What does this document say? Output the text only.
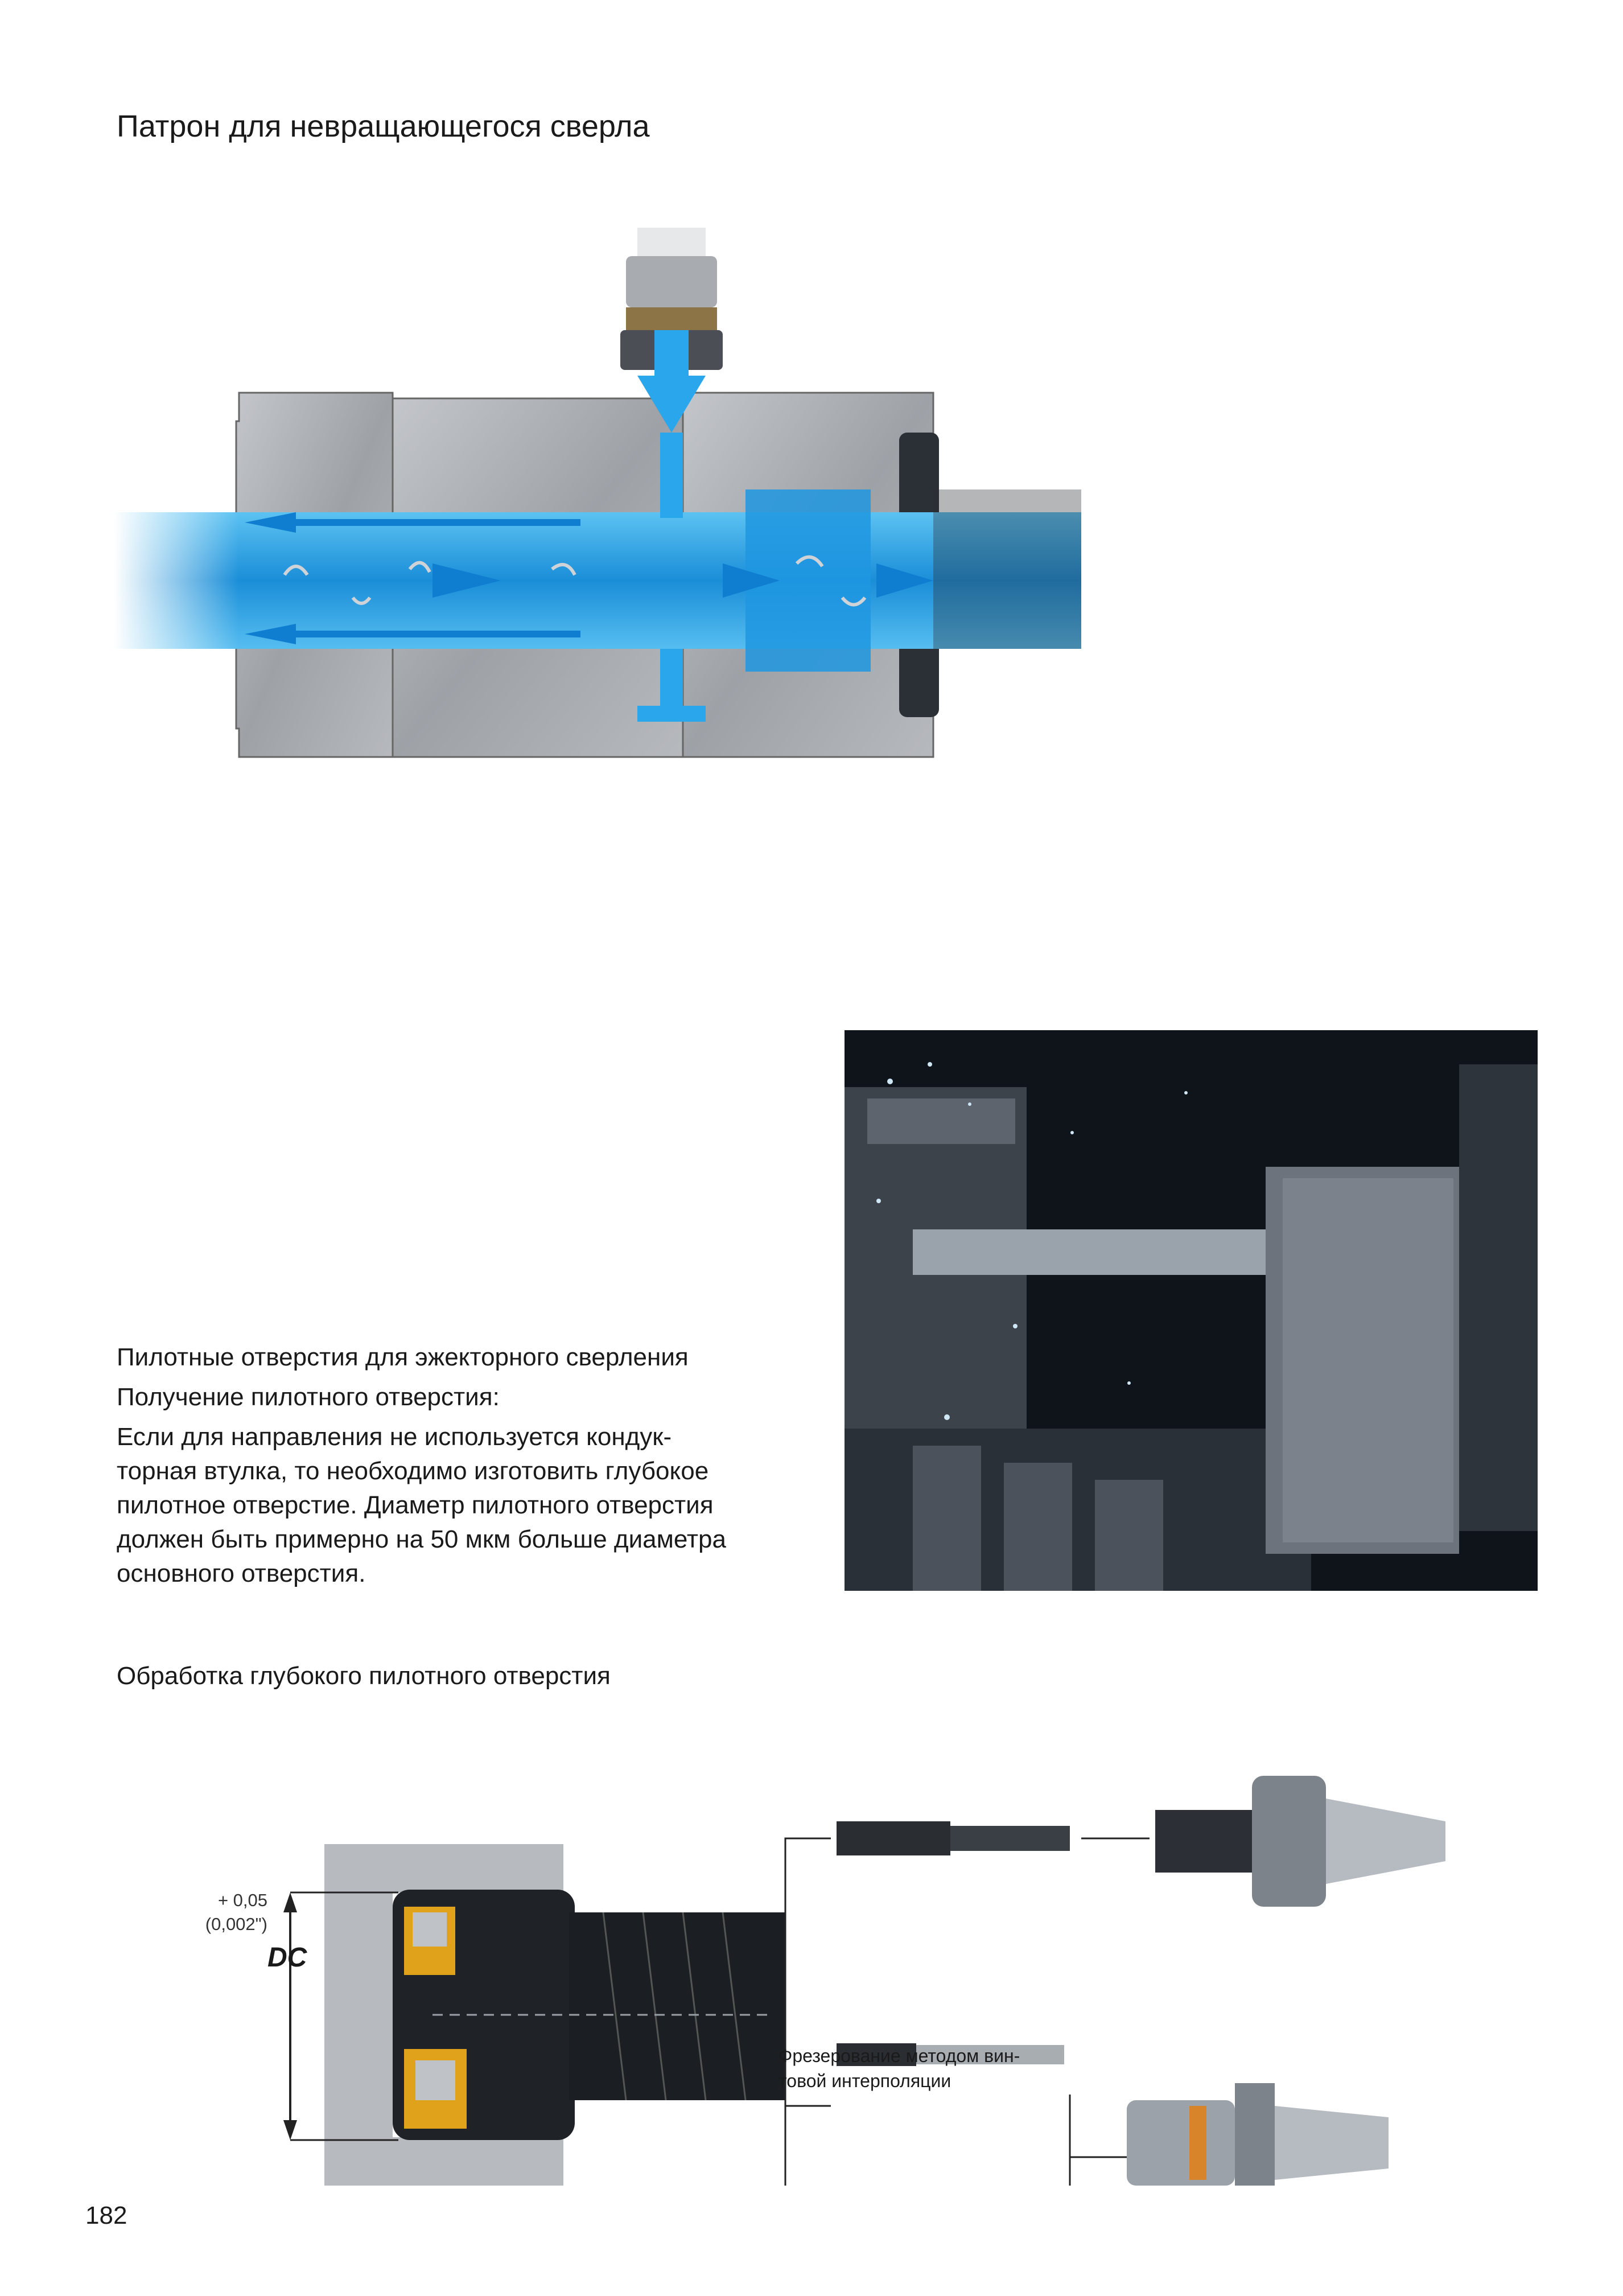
Патрон для невращающегося сверла
Пилотные отверстия для эжекторного сверления
Получение пилотного отверстия:
Если для направления не используется кондук-
торная втулка, то необходимо изготовить глубокое
пилотное отверстие. Диаметр пилотного отверстия
должен быть примерно на 50 мкм больше диаметра
основного отверстия.
Обработка глубокого пилотного отверстия
+ 0,05
(0,002")
DC
Фрезерование методом вин-
товой интерполяции
182
